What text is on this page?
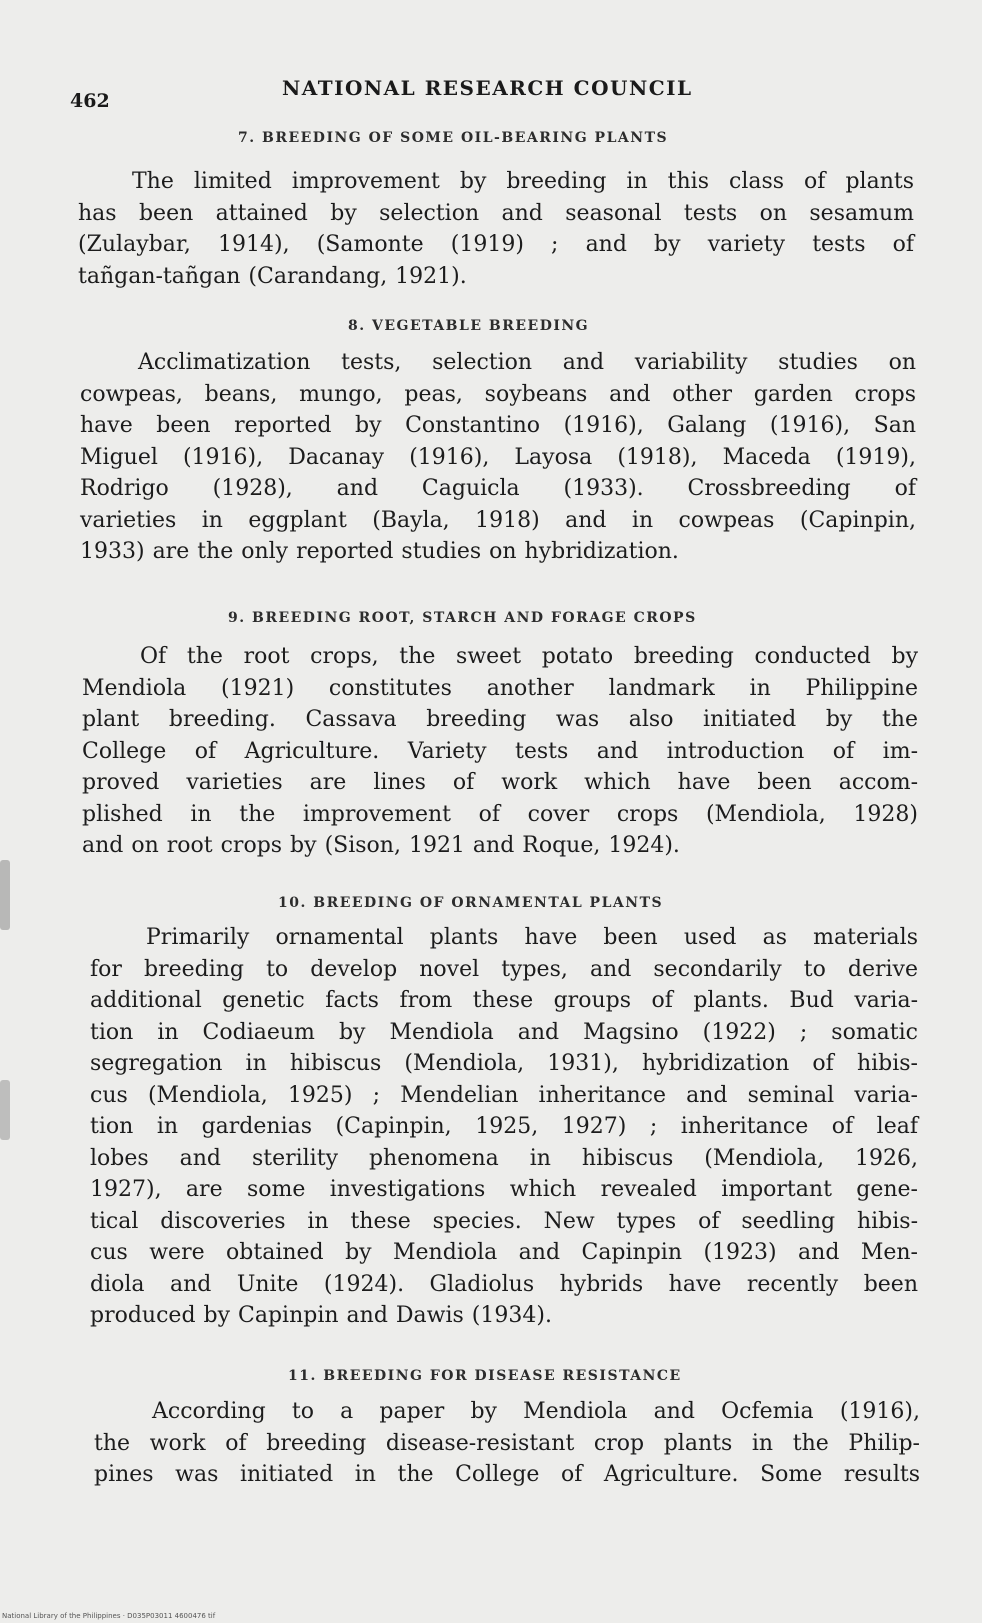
462
NATIONAL RESEARCH COUNCIL
7. BREEDING OF SOME OIL-BEARING PLANTS
The limited improvement by breeding in this class of plants
has been attained by selection and seasonal tests on sesamum
(Zulaybar, 1914), (Samonte (1919) ; and by variety tests of
tañgan-tañgan (Carandang, 1921).
8. VEGETABLE BREEDING
Acclimatization tests, selection and variability studies on
cowpeas, beans, mungo, peas, soybeans and other garden crops
have been reported by Constantino (1916), Galang (1916), San
Miguel (1916), Dacanay (1916), Layosa (1918), Maceda (1919),
Rodrigo (1928), and Caguicla (1933). Crossbreeding of
varieties in eggplant (Bayla, 1918) and in cowpeas (Capinpin,
1933) are the only reported studies on hybridization.
9. BREEDING ROOT, STARCH AND FORAGE CROPS
Of the root crops, the sweet potato breeding conducted by
Mendiola (1921) constitutes another landmark in Philippine
plant breeding. Cassava breeding was also initiated by the
College of Agriculture. Variety tests and introduction of im-
proved varieties are lines of work which have been accom-
plished in the improvement of cover crops (Mendiola, 1928)
and on root crops by (Sison, 1921 and Roque, 1924).
10. BREEDING OF ORNAMENTAL PLANTS
Primarily ornamental plants have been used as materials
for breeding to develop novel types, and secondarily to derive
additional genetic facts from these groups of plants. Bud varia-
tion in Codiaeum by Mendiola and Magsino (1922) ; somatic
segregation in hibiscus (Mendiola, 1931), hybridization of hibis-
cus (Mendiola, 1925) ; Mendelian inheritance and seminal varia-
tion in gardenias (Capinpin, 1925, 1927) ; inheritance of leaf
lobes and sterility phenomena in hibiscus (Mendiola, 1926,
1927), are some investigations which revealed important gene-
tical discoveries in these species. New types of seedling hibis-
cus were obtained by Mendiola and Capinpin (1923) and Men-
diola and Unite (1924). Gladiolus hybrids have recently been
produced by Capinpin and Dawis (1934).
11. BREEDING FOR DISEASE RESISTANCE
According to a paper by Mendiola and Ocfemia (1916),
the work of breeding disease-resistant crop plants in the Philip-
pines was initiated in the College of Agriculture. Some results
National Library of the Philippines · D035P03011 4600476 tif
